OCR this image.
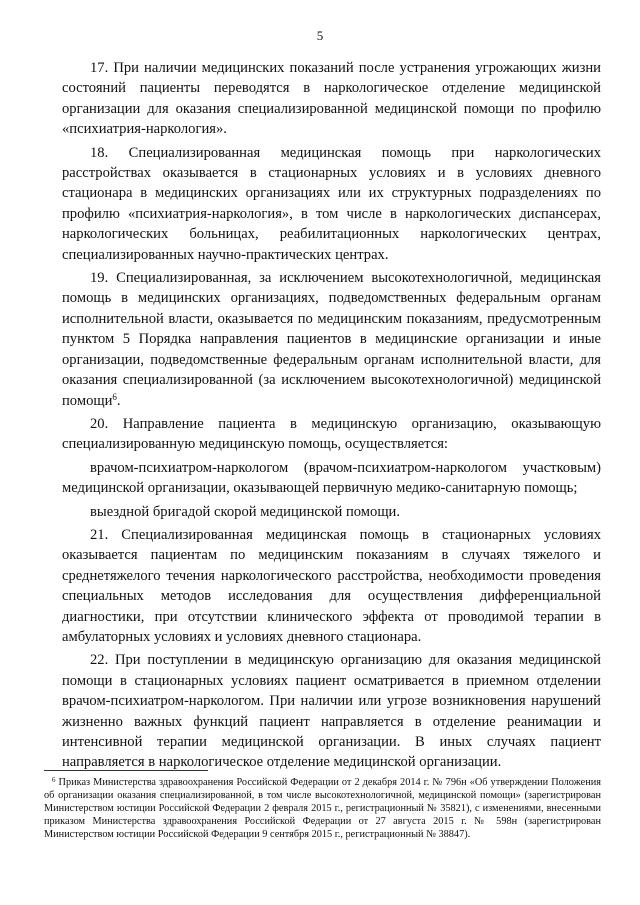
5

17. При наличии медицинских показаний после устранения угрожающих жизни состояний пациенты переводятся в наркологическое отделение медицинской организации для оказания специализированной медицинской помощи по профилю «психиатрия-наркология».

18. Специализированная медицинская помощь при наркологических расстройствах оказывается в стационарных условиях и в условиях дневного стационара в медицинских организациях или их структурных подразделениях по профилю «психиатрия-наркология», в том числе в наркологических диспансерах, наркологических больницах, реабилитационных наркологических центрах, специализированных научно-практических центрах.

19. Специализированная, за исключением высокотехнологичной, медицинская помощь в медицинских организациях, подведомственных федеральным органам исполнительной власти, оказывается по медицинским показаниям, предусмотренным пунктом 5 Порядка направления пациентов в медицинские организации и иные организации, подведомственные федеральным органам исполнительной власти, для оказания специализированной (за исключением высокотехнологичной) медицинской помощи$^6$.

20. Направление пациента в медицинскую организацию, оказывающую специализированную медицинскую помощь, осуществляется:

врачом-психиатром-наркологом (врачом-психиатром-наркологом участковым) медицинской организации, оказывающей первичную медико-санитарную помощь;

выездной бригадой скорой медицинской помощи.

21. Специализированная медицинская помощь в стационарных условиях оказывается пациентам по медицинским показаниям в случаях тяжелого и среднетяжелого течения наркологического расстройства, необходимости проведения специальных методов исследования для осуществления дифференциальной диагностики, при отсутствии клинического эффекта от проводимой терапии в амбулаторных условиях и условиях дневного стационара.

22. При поступлении в медицинскую организацию для оказания медицинской помощи в стационарных условиях пациент осматривается в приемном отделении врачом-психиатром-наркологом. При наличии или угрозе возникновения нарушений жизненно важных функций пациент направляется в отделение реанимации и интенсивной терапии медицинской организации. В иных случаях пациент направляется в наркологическое отделение медицинской организации.

$^6$ Приказ Министерства здравоохранения Российской Федерации от 2 декабря 2014 г. № 796н «Об утверждении Положения об организации оказания специализированной, в том числе высокотехнологичной, медицинской помощи» (зарегистрирован Министерством юстиции Российской Федерации 2 февраля 2015 г., регистрационный № 35821), с изменениями, внесенными приказом Министерства здравоохранения Российской Федерации от 27 августа 2015 г. № 598н (зарегистрирован Министерством юстиции Российской Федерации 9 сентября 2015 г., регистрационный № 38847).
